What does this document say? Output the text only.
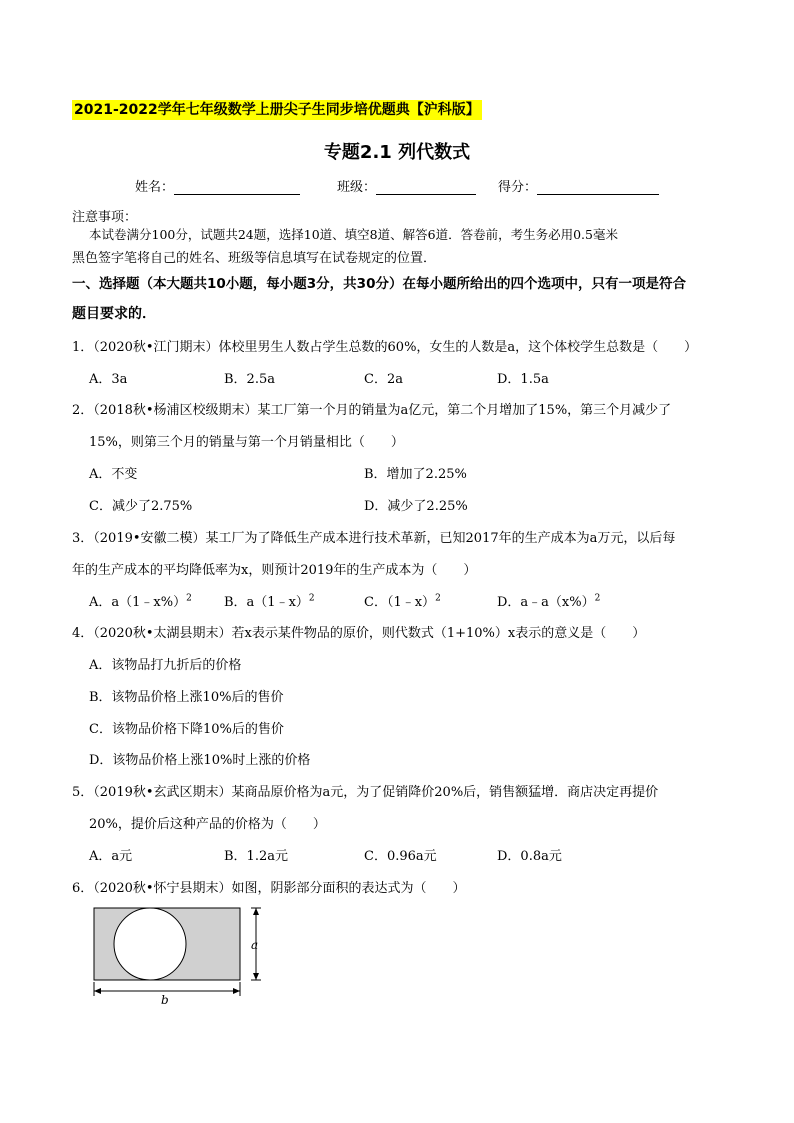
2021-2022学年七年级数学上册尖子生同步培优题典【沪科版】
专题2.1 列代数式
姓名：	班级：	得分：
注意事项：
本试卷满分100分，试题共24题，选择10道、填空8道、解答6道．答卷前，考生务必用0.5毫米
黑色签字笔将自己的姓名、班级等信息填写在试卷规定的位置．
一、选择题（本大题共10小题，每小题3分，共30分）在每小题所给出的四个选项中，只有一项是符合
题目要求的．
1．（2020秋•江门期末）体校里男生人数占学生总数的60%，女生的人数是a，这个体校学生总数是（　　）
A．3a	B．2.5a	C．2a	D．1.5a
2．（2018秋•杨浦区校级期末）某工厂第一个月的销量为a亿元，第二个月增加了15%，第三个月减少了
15%，则第三个月的销量与第一个月销量相比（　　）
A．不变	B．增加了2.25%
C．减少了2.75%	D．减少了2.25%
3．（2019•安徽二模）某工厂为了降低生产成本进行技术革新，已知2017年的生产成本为a万元，以后每
年的生产成本的平均降低率为x，则预计2019年的生产成本为（　　）
A．a（1﹣x%）$^2$ B．a（1﹣x）$^2$	C．（1﹣x）$^2$	D．$a﹣a(x\%)^2$
4．（2020秋•太湖县期末）若x表示某件物品的原价，则代数式（1+10%）x表示的意义是（　　）
A．该物品打九折后的价格
B．该物品价格上涨10%后的售价
C．该物品价格下降10%后的售价
D．该物品价格上涨10%时上涨的价格
5．（2019秋•玄武区期末）某商品原价格为a元，为了促销降价20%后，销售额猛增．商店决定再提价
20%，提价后这种产品的价格为（　　）
A．a元	B．1.2a元	C．0.96a元	D．0.8a元
6．（2020秋•怀宁县期末）如图，阴影部分面积的表达式为（　　）
a
b
